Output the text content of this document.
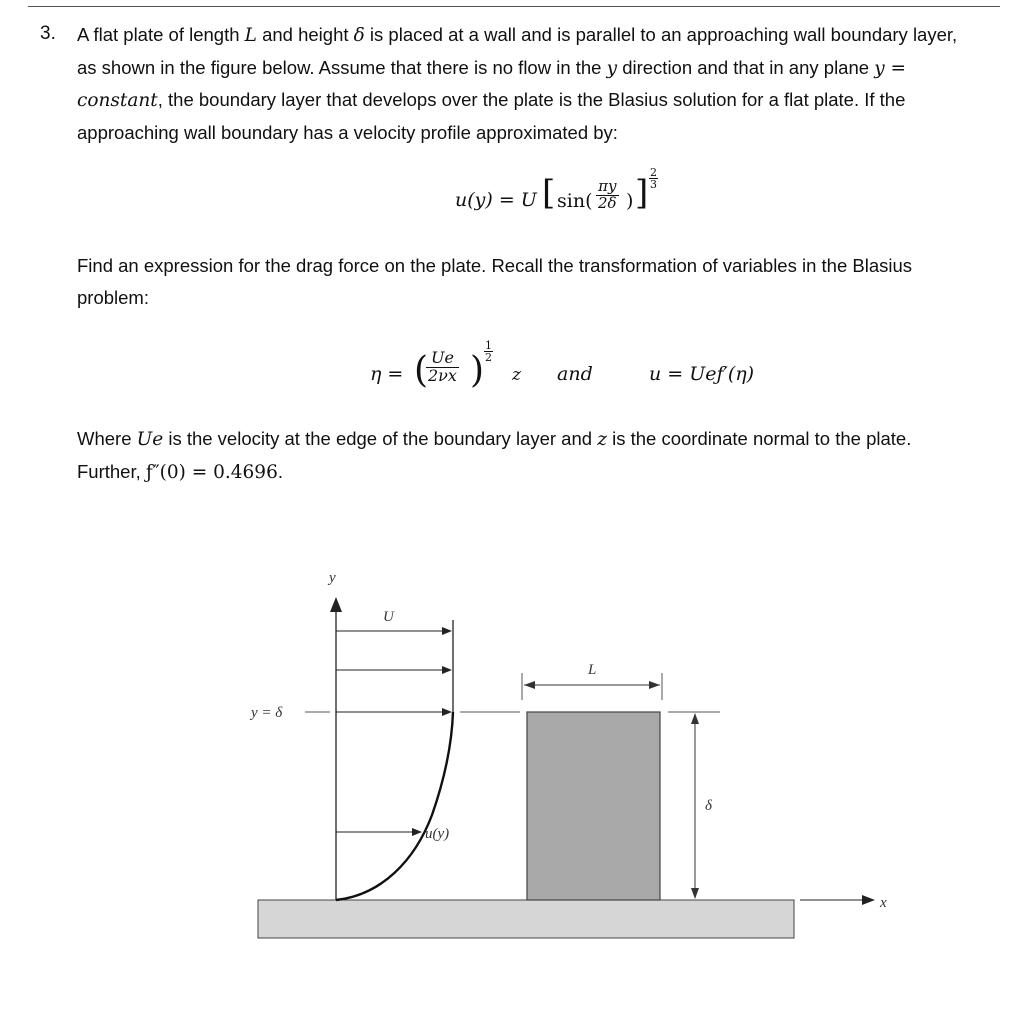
3. A flat plate of length L and height δ is placed at a wall and is parallel to an approaching wall boundary layer, as shown in the figure below. Assume that there is no flow in the y direction and that in any plane y = constant, the boundary layer that develops over the plate is the Blasius solution for a flat plate. If the approaching wall boundary has a velocity profile approximated by:
u(y) = U [ $\sin( \frac{\pi y}{2\delta}$ ) ]
2
3
Find an expression for the drag force on the plate. Recall the transformation of variables in the Blasius problem:
η = (
$\frac{Ue}{2\nu x}$ )
1
2
z and	u = Ueƒ′(η)
Where Ue is the velocity at the edge of the boundary layer and z is the coordinate normal to the plate. Further, ƒ″(0) = 0.4696.
y
U
L
y = δ
δ
u(y)
x
